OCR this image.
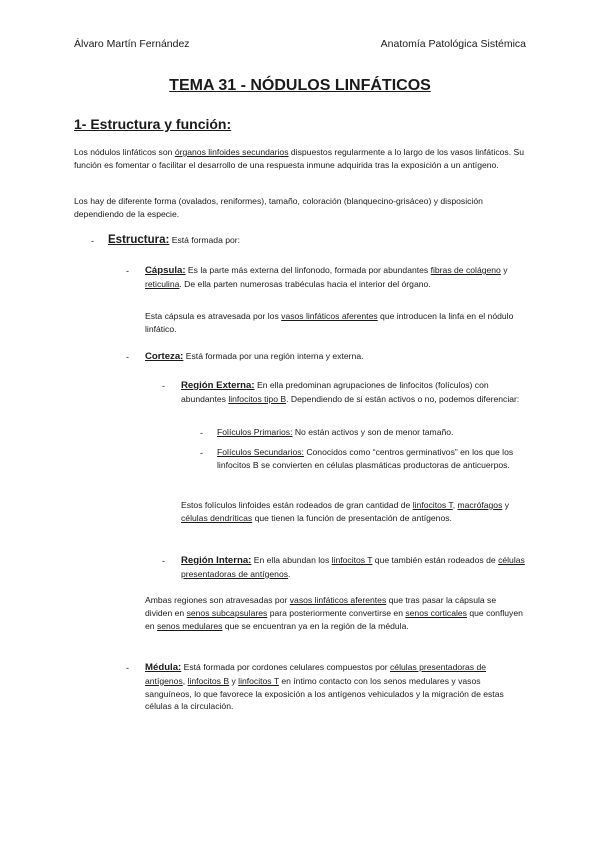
Álvaro Martín Fernández	Anatomía Patológica Sistémica
TEMA 31 - NÓDULOS LINFÁTICOS
1- Estructura y función:

Los nódulos linfáticos son órganos linfoides secundarios dispuestos regularmente a lo largo de los vasos linfáticos. Su función es fomentar o facilitar el desarrollo de una respuesta inmune adquirida tras la exposición a un antígeno.

Los hay de diferente forma (ovalados, reniformes), tamaño, coloración (blanquecino-grisáceo) y disposición dependiendo de la especie.

- Estructura: Está formada por:

- Cápsula: Es la parte más externa del linfonodo, formada por abundantes fibras de colágeno y reticulina. De ella parten numerosas trabéculas hacia el interior del órgano.

Esta cápsula es atravesada por los vasos linfáticos aferentes que introducen la linfa en el nódulo linfático.

- Corteza: Está formada por una región interna y externa.

- Región Externa: En ella predominan agrupaciones de linfocitos (folículos) con abundantes linfocitos tipo B. Dependiendo de si están activos o no, podemos diferenciar:

- Folículos Primarios: No están activos y son de menor tamaño.

- Folículos Secundarios: Conocidos como “centros germinativos” en los que los linfocitos B se convierten en células plasmáticas productoras de anticuerpos.

Estos folículos linfoides están rodeados de gran cantidad de linfocitos T, macrófagos y células dendríticas que tienen la función de presentación de antígenos.

- Región Interna: En ella abundan los linfocitos T que también están rodeados de células presentadoras de antígenos.

Ambas regiones son atravesadas por vasos linfáticos aferentes que tras pasar la cápsula se dividen en senos subcapsulares para posteriormente convertirse en senos corticales que confluyen en senos medulares que se encuentran ya en la región de la médula.

- Médula: Está formada por cordones celulares compuestos por células presentadoras de antígenos, linfocitos B y linfocitos T en íntimo contacto con los senos medulares y vasos sanguíneos, lo que favorece la exposición a los antígenos vehiculados y la migración de estas células a la circulación.
